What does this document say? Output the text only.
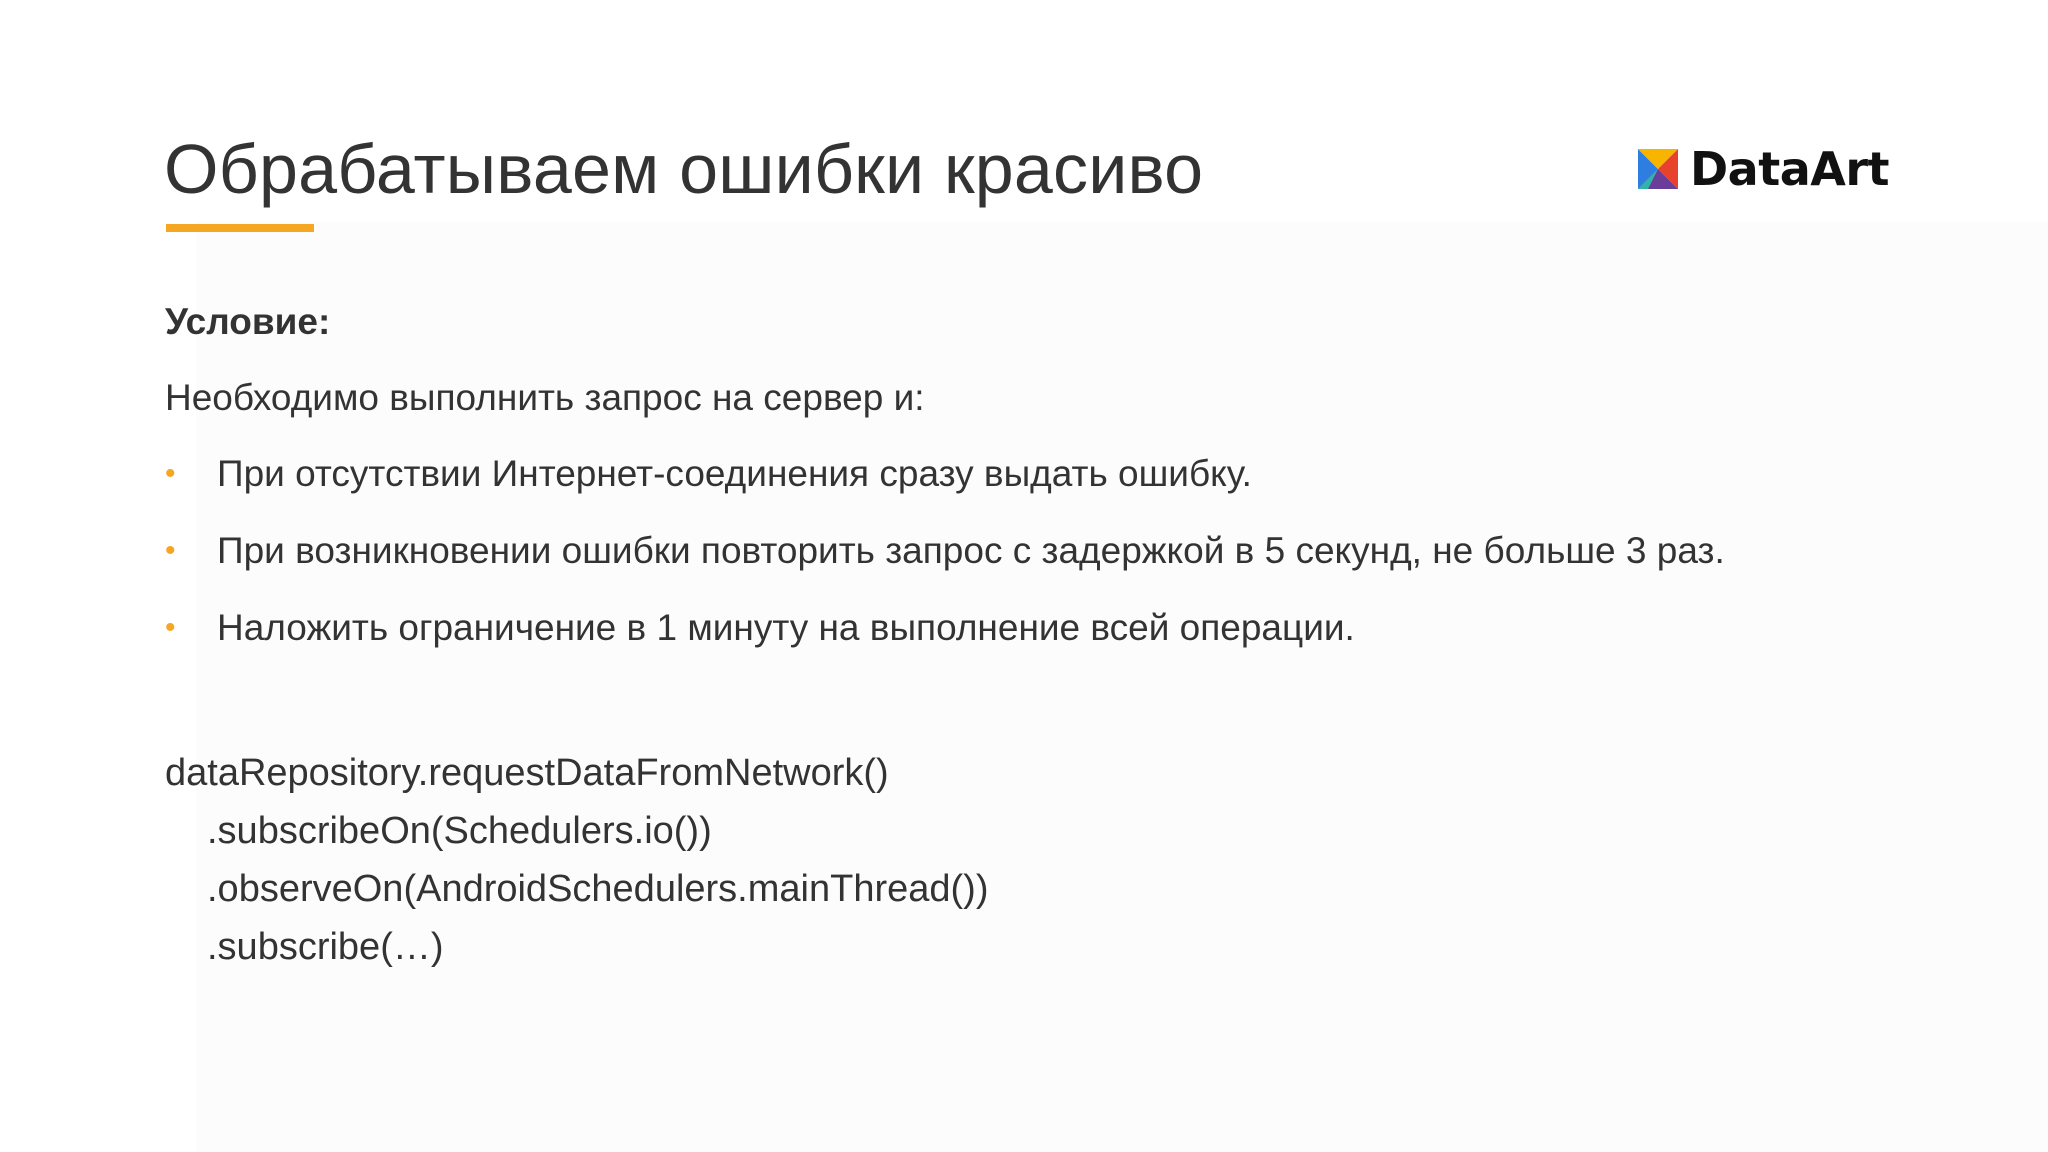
Обрабатываем ошибки красиво	DataArt
Условие:
Необходимо выполнить запрос на сервер и:
• При отсутствии Интернет-соединения сразу выдать ошибку.
• При возникновении ошибки повторить запрос с задержкой в 5 секунд, не больше 3 раз.
• Наложить ограничение в 1 минуту на выполнение всей операции.
dataRepository.requestDataFromNetwork()
.subscribeOn(Schedulers.io())
.observeOn(AndroidSchedulers.mainThread())
.subscribe(…)
